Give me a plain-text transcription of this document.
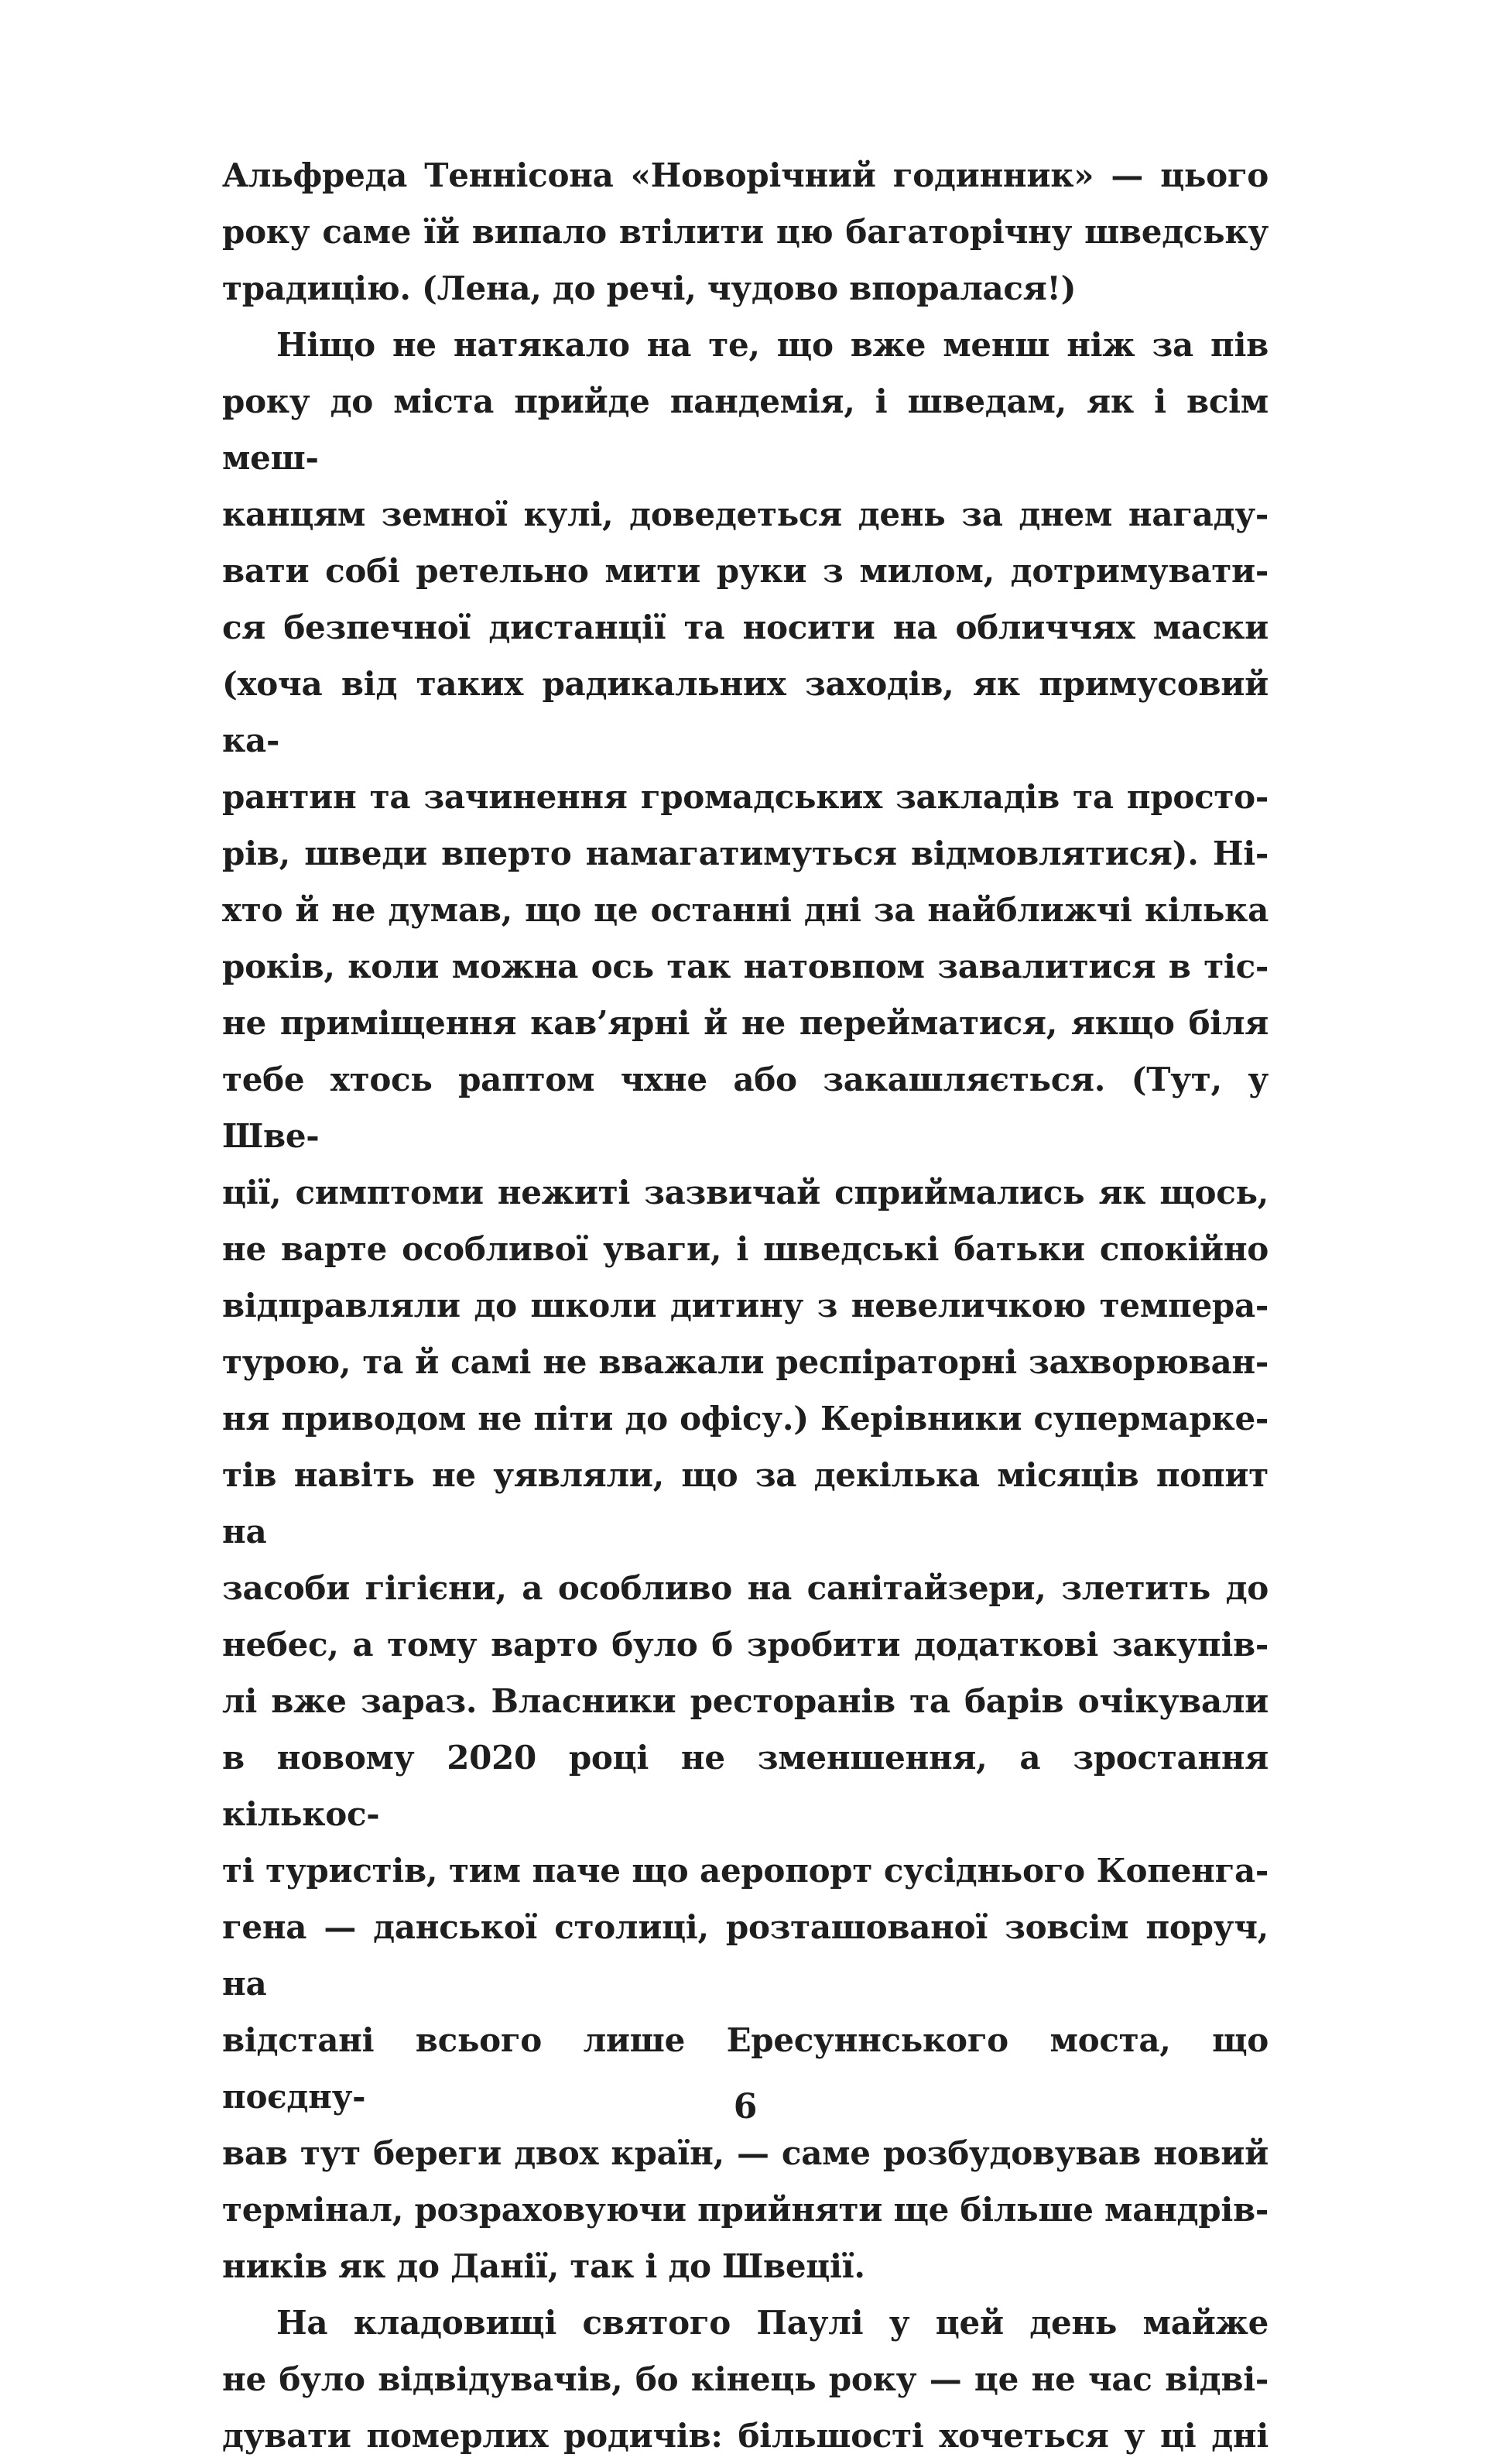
Альфреда Теннісона «Новорічний годинник» — цього
року саме їй випало втілити цю багаторічну шведську
традицію. (Лена, до речі, чудово впоралася!)
Ніщо не натякало на те, що вже менш ніж за пів
року до міста прийде пандемія, і шведам, як і всім меш-
канцям земної кулі, доведеться день за днем нагаду-
вати собі ретельно мити руки з милом, дотримувати-
ся безпечної дистанції та носити на обличчях маски
(хоча від таких радикальних заходів, як примусовий ка-
рантин та зачинення громадських закладів та просто-
рів, шведи вперто намагатимуться відмовлятися). Ні-
хто й не думав, що це останні дні за найближчі кілька
років, коли можна ось так натовпом завалитися в тіс-
не приміщення кав’ярні й не перейматися, якщо біля
тебе хтось раптом чхне або закашляється. (Тут, у Шве-
ції, симптоми нежиті зазвичай сприймались як щось,
не варте особливої уваги, і шведські батьки спокійно
відправляли до школи дитину з невеличкою темпера-
турою, та й самі не вважали респіраторні захворюван-
ня приводом не піти до офісу.) Керівники супермарке-
тів навіть не уявляли, що за декілька місяців попит на
засоби гігієни, а особливо на санітайзери, злетить до
небес, а тому варто було б зробити додаткові закупів-
лі вже зараз. Власники ресторанів та барів очікували
в новому 2020 році не зменшення, а зростання кількос-
ті туристів, тим паче що аеропорт сусіднього Копенга-
гена — данської столиці, розташованої зовсім поруч, на
відстані всього лише Ересуннського моста, що поєдну-
вав тут береги двох країн, — саме розбудовував новий
термінал, розраховуючи прийняти ще більше мандрів-
ників як до Данії, так і до Швеції.
На кладовищі святого Паулі у цей день майже
не було відвідувачів, бо кінець року — це не час відві-
дувати померлих родичів: більшості хочеться у ці дні
6
